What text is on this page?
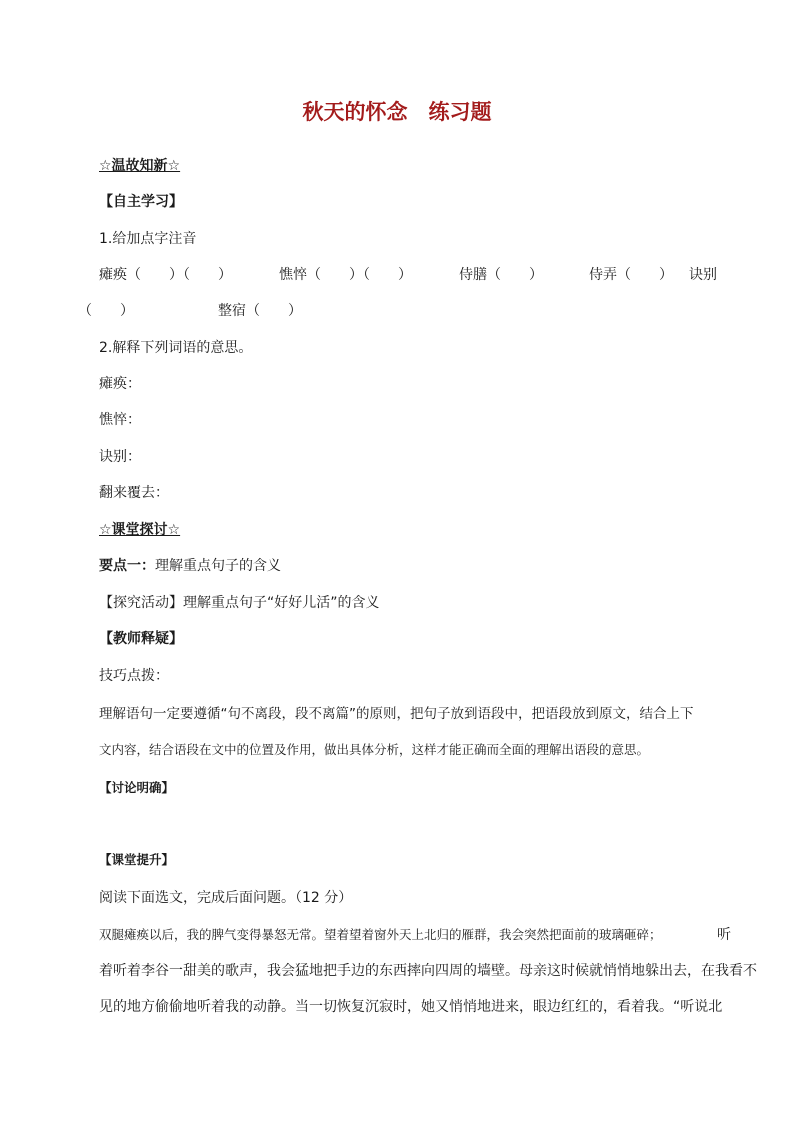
秋天的怀念　练习题

☆温故知新☆

【自主学习】

1.给加点字注音

瘫痪（　　）（　　）	憔悴（　　）（　　）	侍膳（　　）	侍弄（　　） 诀别
（　　）	整宿（　　）

2.解释下列词语的意思。

瘫痪：

憔悴：

诀别：

翻来覆去：

☆课堂探讨☆

要点一：理解重点句子的含义

【探究活动】理解重点句子“好好儿活”的含义

【教师释疑】

技巧点拨：

理解语句一定要遵循“句不离段，段不离篇”的原则，把句子放到语段中，把语段放到原文，结合上下

文内容，结合语段在文中的位置及作用，做出具体分析，这样才能正确而全面的理解出语段的意思。

【讨论明确】

【课堂提升】

阅读下面选文，完成后面问题。（12 分）

双腿瘫痪以后，我的脾气变得暴怒无常。望着望着窗外天上北归的雁群，我会突然把面前的玻璃砸碎；	听

着听着李谷一甜美的歌声，我会猛地把手边的东西摔向四周的墙壁。母亲这时候就悄悄地躲出去，在我看不

见的地方偷偷地听着我的动静。当一切恢复沉寂时，她又悄悄地进来，眼边红红的，看着我。“听说北
